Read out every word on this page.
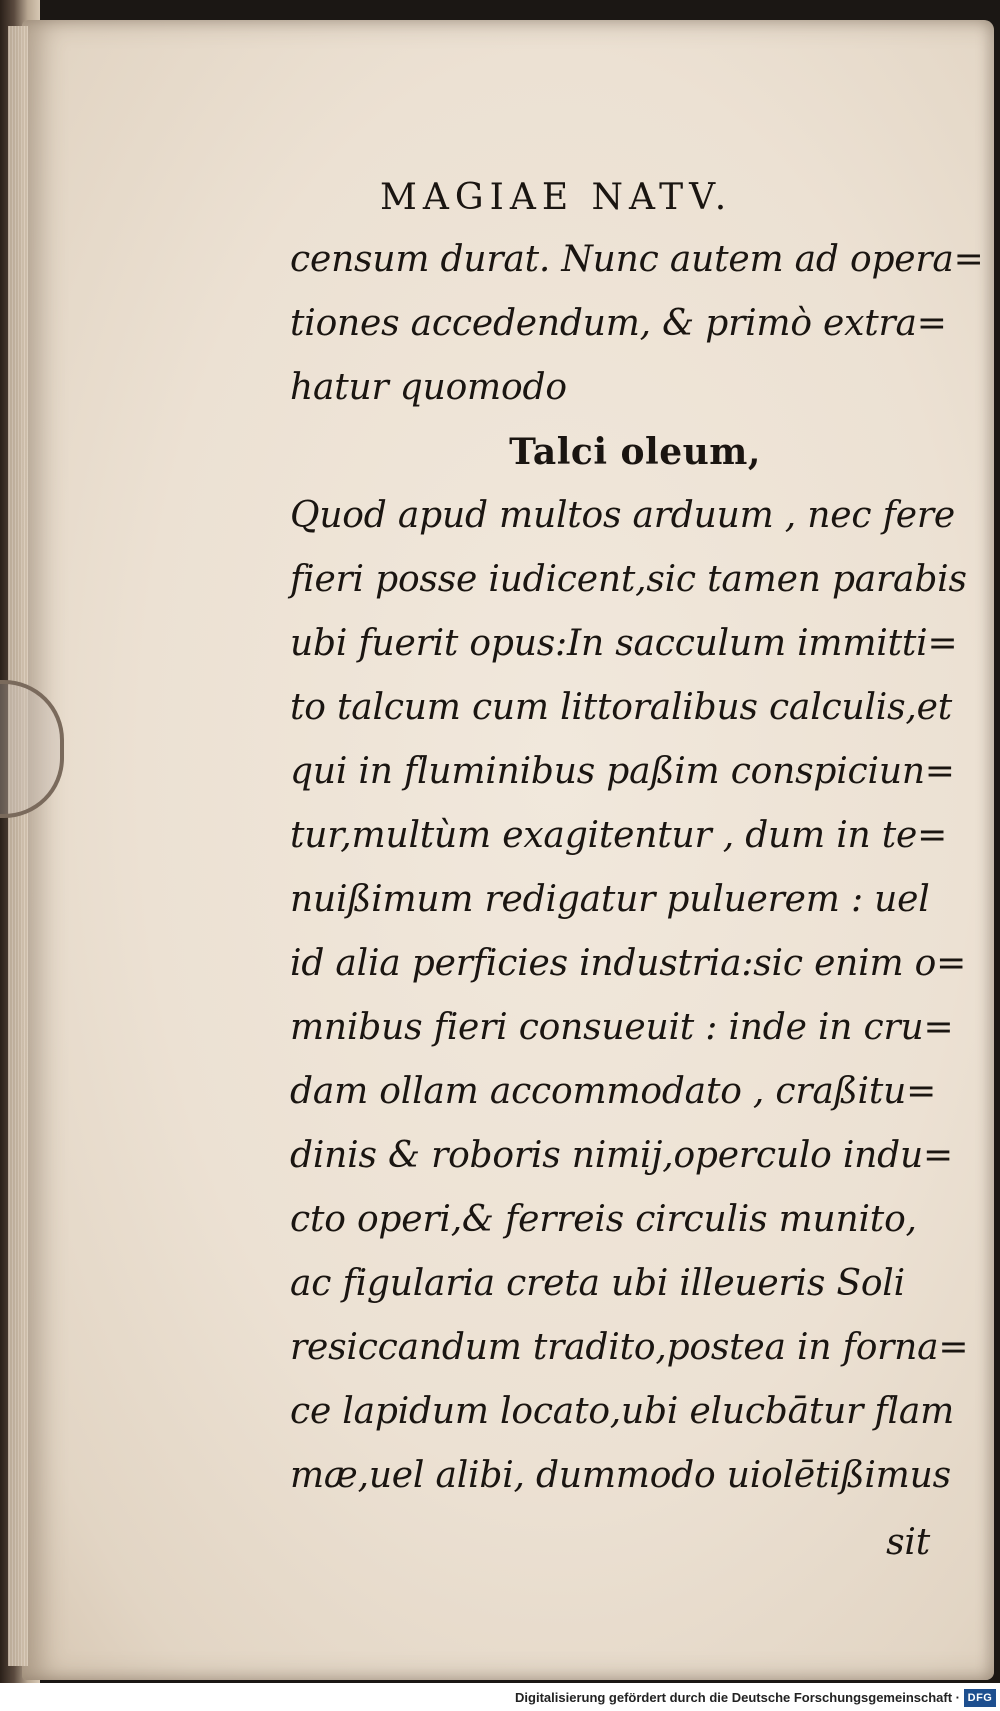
MAGIAE NATV.
censum durat. Nunc autem ad opera=
tiones accedendum, & primò extra=
hatur quomodo
Talci oleum,
Quod apud multos arduum , nec fere
fieri posse iudicent,sic tamen parabis
ubi fuerit opus:In sacculum immitti=
to talcum cum littoralibus calculis,et
qui in fluminibus paßim conspiciun=
tur,multùm exagitentur , dum in te=
nuißimum redigatur puluerem : uel
id alia perficies industria:sic enim o=
mnibus fieri consueuit : inde in cru=
dam ollam accommodato , craßitu=
dinis & roboris nimij,operculo indu=
cto operi,& ferreis circulis munito,
ac figularia creta ubi illeueris Soli
resiccandum tradito,postea in forna=
ce lapidum locato,ubi elucbātur flam
mæ,uel alibi, dummodo uiolētißimus
sit
Digitalisierung gefördert durch die Deutsche Forschungsgemeinschaft · DFG
